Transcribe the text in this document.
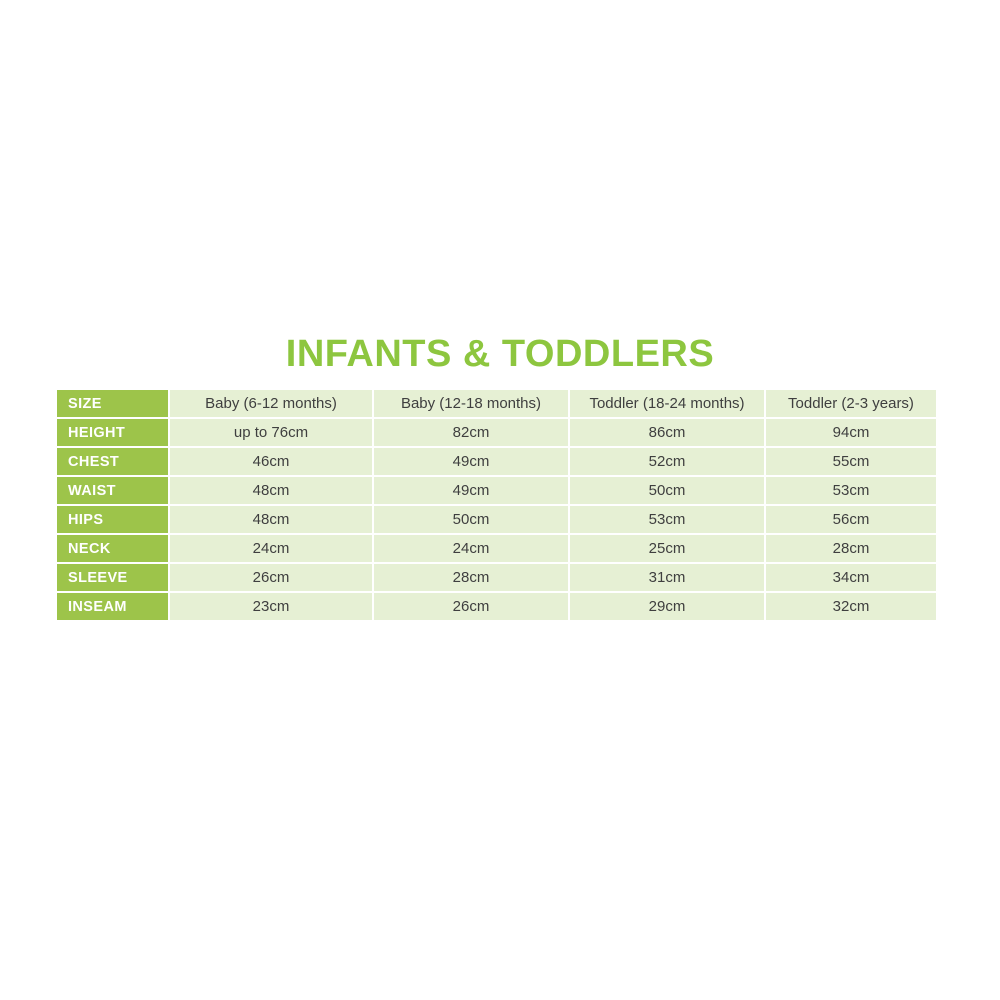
INFANTS & TODDLERS
SIZE	Baby (6-12 months)	Baby (12-18 months)	Toddler (18-24 months)	Toddler (2-3 years)
HEIGHT	up to 76cm	82cm	86cm	94cm
CHEST	46cm	49cm	52cm	55cm
WAIST	48cm	49cm	50cm	53cm
HIPS	48cm	50cm	53cm	56cm
NECK	24cm	24cm	25cm	28cm
SLEEVE	26cm	28cm	31cm	34cm
INSEAM	23cm	26cm	29cm	32cm
